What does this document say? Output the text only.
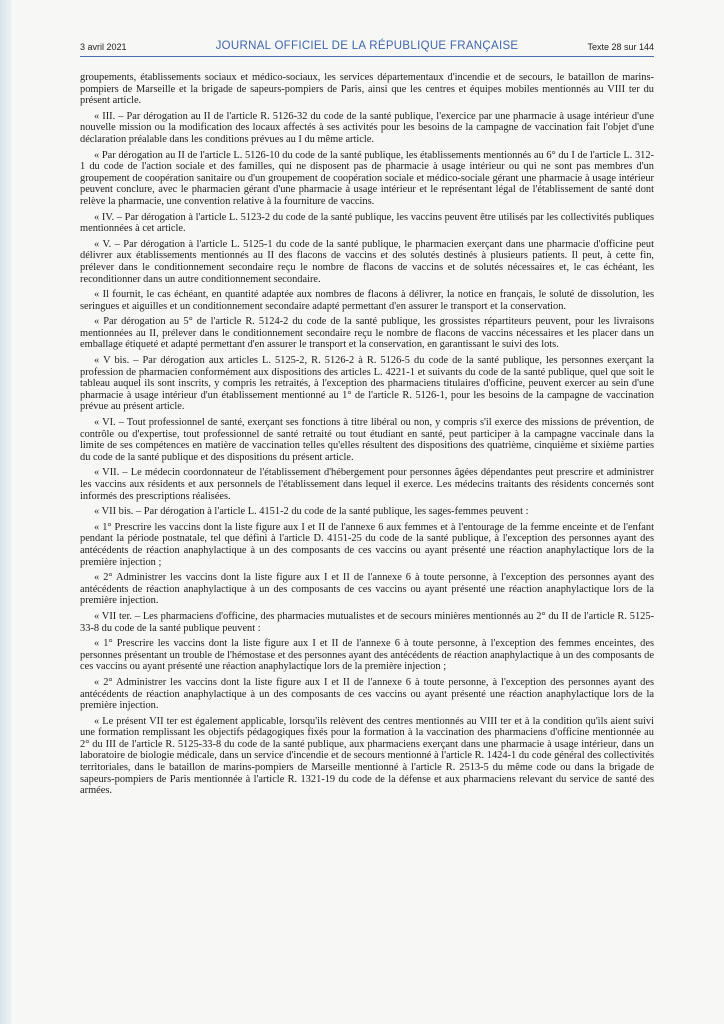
3 avril 2021	JOURNAL OFFICIEL DE LA RÉPUBLIQUE FRANÇAISE	Texte 28 sur 144

groupements, établissements sociaux et médico-sociaux, les services départementaux d'incendie et de secours, le bataillon de marins-pompiers de Marseille et la brigade de sapeurs-pompiers de Paris, ainsi que les centres et équipes mobiles mentionnés au VIII ter du présent article.

« III. – Par dérogation au II de l'article R. 5126-32 du code de la santé publique, l'exercice par une pharmacie à usage intérieur d'une nouvelle mission ou la modification des locaux affectés à ses activités pour les besoins de la campagne de vaccination fait l'objet d'une déclaration préalable dans les conditions prévues au I du même article.

« Par dérogation au II de l'article L. 5126-10 du code de la santé publique, les établissements mentionnés au 6° du I de l'article L. 312-1 du code de l'action sociale et des familles, qui ne disposent pas de pharmacie à usage intérieur ou qui ne sont pas membres d'un groupement de coopération sanitaire ou d'un groupement de coopération sociale et médico-sociale gérant une pharmacie à usage intérieur peuvent conclure, avec le pharmacien gérant d'une pharmacie à usage intérieur et le représentant légal de l'établissement de santé dont relève la pharmacie, une convention relative à la fourniture de vaccins.

« IV. – Par dérogation à l'article L. 5123-2 du code de la santé publique, les vaccins peuvent être utilisés par les collectivités publiques mentionnées à cet article.

« V. – Par dérogation à l'article L. 5125-1 du code de la santé publique, le pharmacien exerçant dans une pharmacie d'officine peut délivrer aux établissements mentionnés au II des flacons de vaccins et des solutés destinés à plusieurs patients. Il peut, à cette fin, prélever dans le conditionnement secondaire reçu le nombre de flacons de vaccins et de solutés nécessaires et, le cas échéant, les reconditionner dans un autre conditionnement secondaire.

« Il fournit, le cas échéant, en quantité adaptée aux nombres de flacons à délivrer, la notice en français, le soluté de dissolution, les seringues et aiguilles et un conditionnement secondaire adapté permettant d'en assurer le transport et la conservation.

« Par dérogation au 5° de l'article R. 5124-2 du code de la santé publique, les grossistes répartiteurs peuvent, pour les livraisons mentionnées au II, prélever dans le conditionnement secondaire reçu le nombre de flacons de vaccins nécessaires et les placer dans un emballage étiqueté et adapté permettant d'en assurer le transport et la conservation, en garantissant le suivi des lots.

« V bis. – Par dérogation aux articles L. 5125-2, R. 5126-2 à R. 5126-5 du code de la santé publique, les personnes exerçant la profession de pharmacien conformément aux dispositions des articles L. 4221-1 et suivants du code de la santé publique, quel que soit le tableau auquel ils sont inscrits, y compris les retraités, à l'exception des pharmaciens titulaires d'officine, peuvent exercer au sein d'une pharmacie à usage intérieur d'un établissement mentionné au 1° de l'article R. 5126-1, pour les besoins de la campagne de vaccination prévue au présent article.

« VI. – Tout professionnel de santé, exerçant ses fonctions à titre libéral ou non, y compris s'il exerce des missions de prévention, de contrôle ou d'expertise, tout professionnel de santé retraité ou tout étudiant en santé, peut participer à la campagne vaccinale dans la limite de ses compétences en matière de vaccination telles qu'elles résultent des dispositions des quatrième, cinquième et sixième parties du code de la santé publique et des dispositions du présent article.

« VII. – Le médecin coordonnateur de l'établissement d'hébergement pour personnes âgées dépendantes peut prescrire et administrer les vaccins aux résidents et aux personnels de l'établissement dans lequel il exerce. Les médecins traitants des résidents concernés sont informés des prescriptions réalisées.

« VII bis. – Par dérogation à l'article L. 4151-2 du code de la santé publique, les sages-femmes peuvent :

« 1° Prescrire les vaccins dont la liste figure aux I et II de l'annexe 6 aux femmes et à l'entourage de la femme enceinte et de l'enfant pendant la période postnatale, tel que défini à l'article D. 4151-25 du code de la santé publique, à l'exception des personnes ayant des antécédents de réaction anaphylactique à un des composants de ces vaccins ou ayant présenté une réaction anaphylactique lors de la première injection ;

« 2° Administrer les vaccins dont la liste figure aux I et II de l'annexe 6 à toute personne, à l'exception des personnes ayant des antécédents de réaction anaphylactique à un des composants de ces vaccins ou ayant présenté une réaction anaphylactique lors de la première injection.

« VII ter. – Les pharmaciens d'officine, des pharmacies mutualistes et de secours minières mentionnés au 2° du II de l'article R. 5125-33-8 du code de la santé publique peuvent :

« 1° Prescrire les vaccins dont la liste figure aux I et II de l'annexe 6 à toute personne, à l'exception des femmes enceintes, des personnes présentant un trouble de l'hémostase et des personnes ayant des antécédents de réaction anaphylactique à un des composants de ces vaccins ou ayant présenté une réaction anaphylactique lors de la première injection ;

« 2° Administrer les vaccins dont la liste figure aux I et II de l'annexe 6 à toute personne, à l'exception des personnes ayant des antécédents de réaction anaphylactique à un des composants de ces vaccins ou ayant présenté une réaction anaphylactique lors de la première injection.

« Le présent VII ter est également applicable, lorsqu'ils relèvent des centres mentionnés au VIII ter et à la condition qu'ils aient suivi une formation remplissant les objectifs pédagogiques fixés pour la formation à la vaccination des pharmaciens d'officine mentionnée au 2° du III de l'article R. 5125-33-8 du code de la santé publique, aux pharmaciens exerçant dans une pharmacie à usage intérieur, dans un laboratoire de biologie médicale, dans un service d'incendie et de secours mentionné à l'article R. 1424-1 du code général des collectivités territoriales, dans le bataillon de marins-pompiers de Marseille mentionné à l'article R. 2513-5 du même code ou dans la brigade de sapeurs-pompiers de Paris mentionnée à l'article R. 1321-19 du code de la défense et aux pharmaciens relevant du service de santé des armées.
